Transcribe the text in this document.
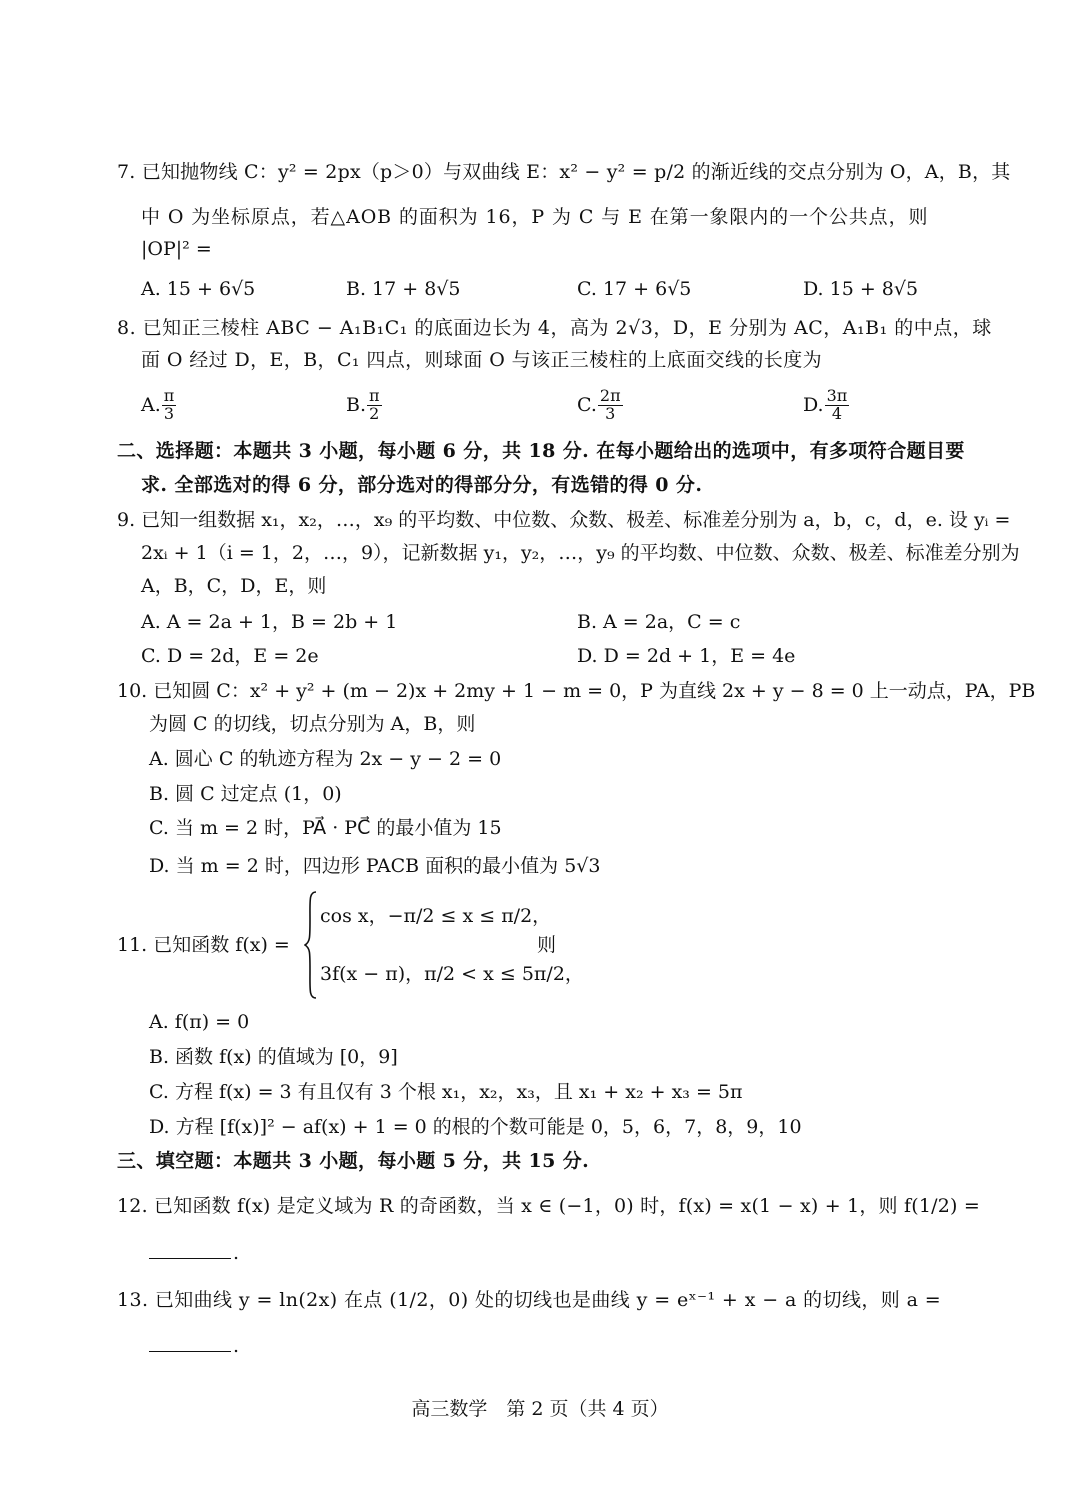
7. 已知抛物线 C：y² = 2px（p＞0）与双曲线 E：x² − y² = p/2 的渐近线的交点分别为 O，A，B，其
中 O 为坐标原点，若△AOB 的面积为 16，P 为 C 与 E 在第一象限内的一个公共点，则
|OP|² =
8. 已知正三棱柱 ABC − A₁B₁C₁ 的底面边长为 4，高为 2√3，D，E 分别为 AC，A₁B₁ 的中点，球
面 O 经过 D，E，B，C₁ 四点，则球面 O 与该正三棱柱的上底面交线的长度为
二、选择题：本题共 3 小题，每小题 6 分，共 18 分. 在每小题给出的选项中，有多项符合题目要
求. 全部选对的得 6 分，部分选对的得部分分，有选错的得 0 分.
9. 已知一组数据 x₁，x₂，…，x₉ 的平均数、中位数、众数、极差、标准差分别为 a，b，c，d，e. 设 yᵢ =
2xᵢ + 1（i = 1，2，…，9），记新数据 y₁，y₂，…，y₉ 的平均数、中位数、众数、极差、标准差分别为
A，B，C，D，E，则
10. 已知圆 C：x² + y² + (m − 2)x + 2my + 1 − m = 0，P 为直线 2x + y − 8 = 0 上一动点，PA，PB
为圆 C 的切线，切点分别为 A，B，则
A. 圆心 C 的轨迹方程为 2x − y − 2 = 0
B. 圆 C 过定点 (1，0)
C. 当 m = 2 时，PA⃗ · PC⃗ 的最小值为 15
D. 当 m = 2 时，四边形 PACB 面积的最小值为 5√3
A. f(π) = 0
B. 函数 f(x) 的值域为 [0，9]
C. 方程 f(x) = 3 有且仅有 3 个根 x₁，x₂，x₃，且 x₁ + x₂ + x₃ = 5π
D. 方程 [f(x)]² − af(x) + 1 = 0 的根的个数可能是 0，5，6，7，8，9，10
三、填空题：本题共 3 小题，每小题 5 分，共 15 分.
12. 已知函数 f(x) 是定义域为 R 的奇函数，当 x ∈ (−1，0) 时，f(x) = x(1 − x) + 1，则 f(1/2) =
13. 已知曲线 y = ln(2x) 在点 (1/2，0) 处的切线也是曲线 y = eˣ⁻¹ + x − a 的切线，则 a =
A. 15 + 6√5	B. 17 + 8√5	C. 17 + 6√5	D. 15 + 8√5
A. A = 2a + 1，B = 2b + 1	B. A = 2a，C = c
C. D = 2d，E = 2e	D. D = 2d + 1，E = 4e
A. $\frac{\pi}{3}$	B. $\frac{\pi}{2}$	C. $\frac{2\pi}{3}$	D. $\frac{3\pi}{4}$
11. 已知函数 f(x) =
cos x，−π/2 ≤ x ≤ π/2，
3f(x − π)，π/2 < x ≤ 5π/2，
则
.
.
高三数学　第 2 页（共 4 页）
